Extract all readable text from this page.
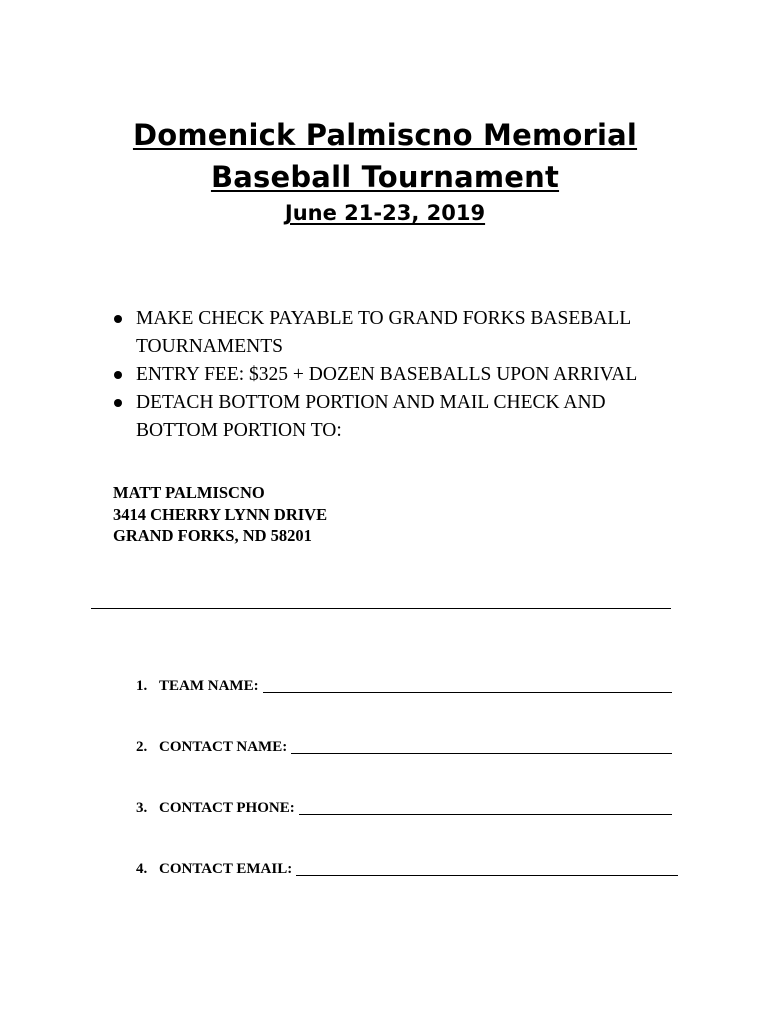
Domenick Palmiscno Memorial
Baseball Tournament
June 21-23, 2019
MAKE CHECK PAYABLE TO GRAND FORKS BASEBALL TOURNAMENTS
ENTRY FEE: $325 + DOZEN BASEBALLS UPON ARRIVAL
DETACH BOTTOM PORTION AND MAIL CHECK AND BOTTOM PORTION TO:
MATT PALMISCNO
3414 CHERRY LYNN DRIVE
GRAND FORKS, ND 58201
1. TEAM NAME:
2. CONTACT NAME:
3. CONTACT PHONE:
4. CONTACT EMAIL:
